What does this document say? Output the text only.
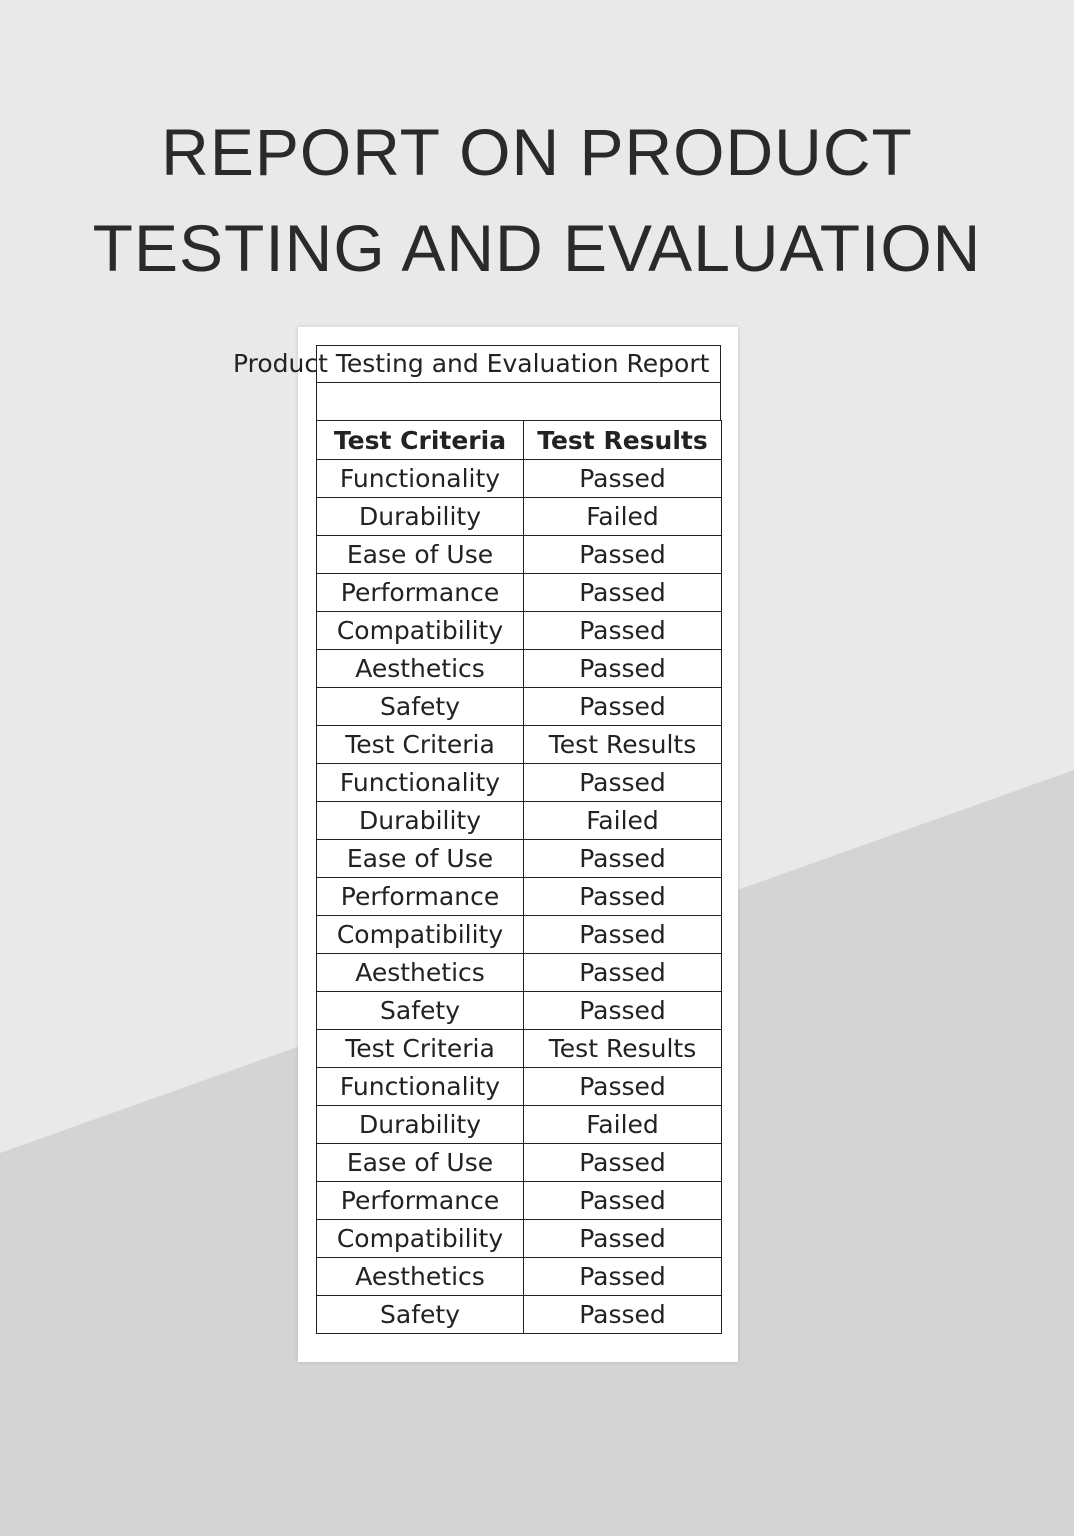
REPORT ON PRODUCT
TESTING AND EVALUATION
Product Testing and Evaluation Report
Test Criteria	Test Results
Functionality	Passed
Durability	Failed
Ease of Use	Passed
Performance	Passed
Compatibility	Passed
Aesthetics	Passed
Safety	Passed
Test Criteria	Test Results
Functionality	Passed
Durability	Failed
Ease of Use	Passed
Performance	Passed
Compatibility	Passed
Aesthetics	Passed
Safety	Passed
Test Criteria	Test Results
Functionality	Passed
Durability	Failed
Ease of Use	Passed
Performance	Passed
Compatibility	Passed
Aesthetics	Passed
Safety	Passed
